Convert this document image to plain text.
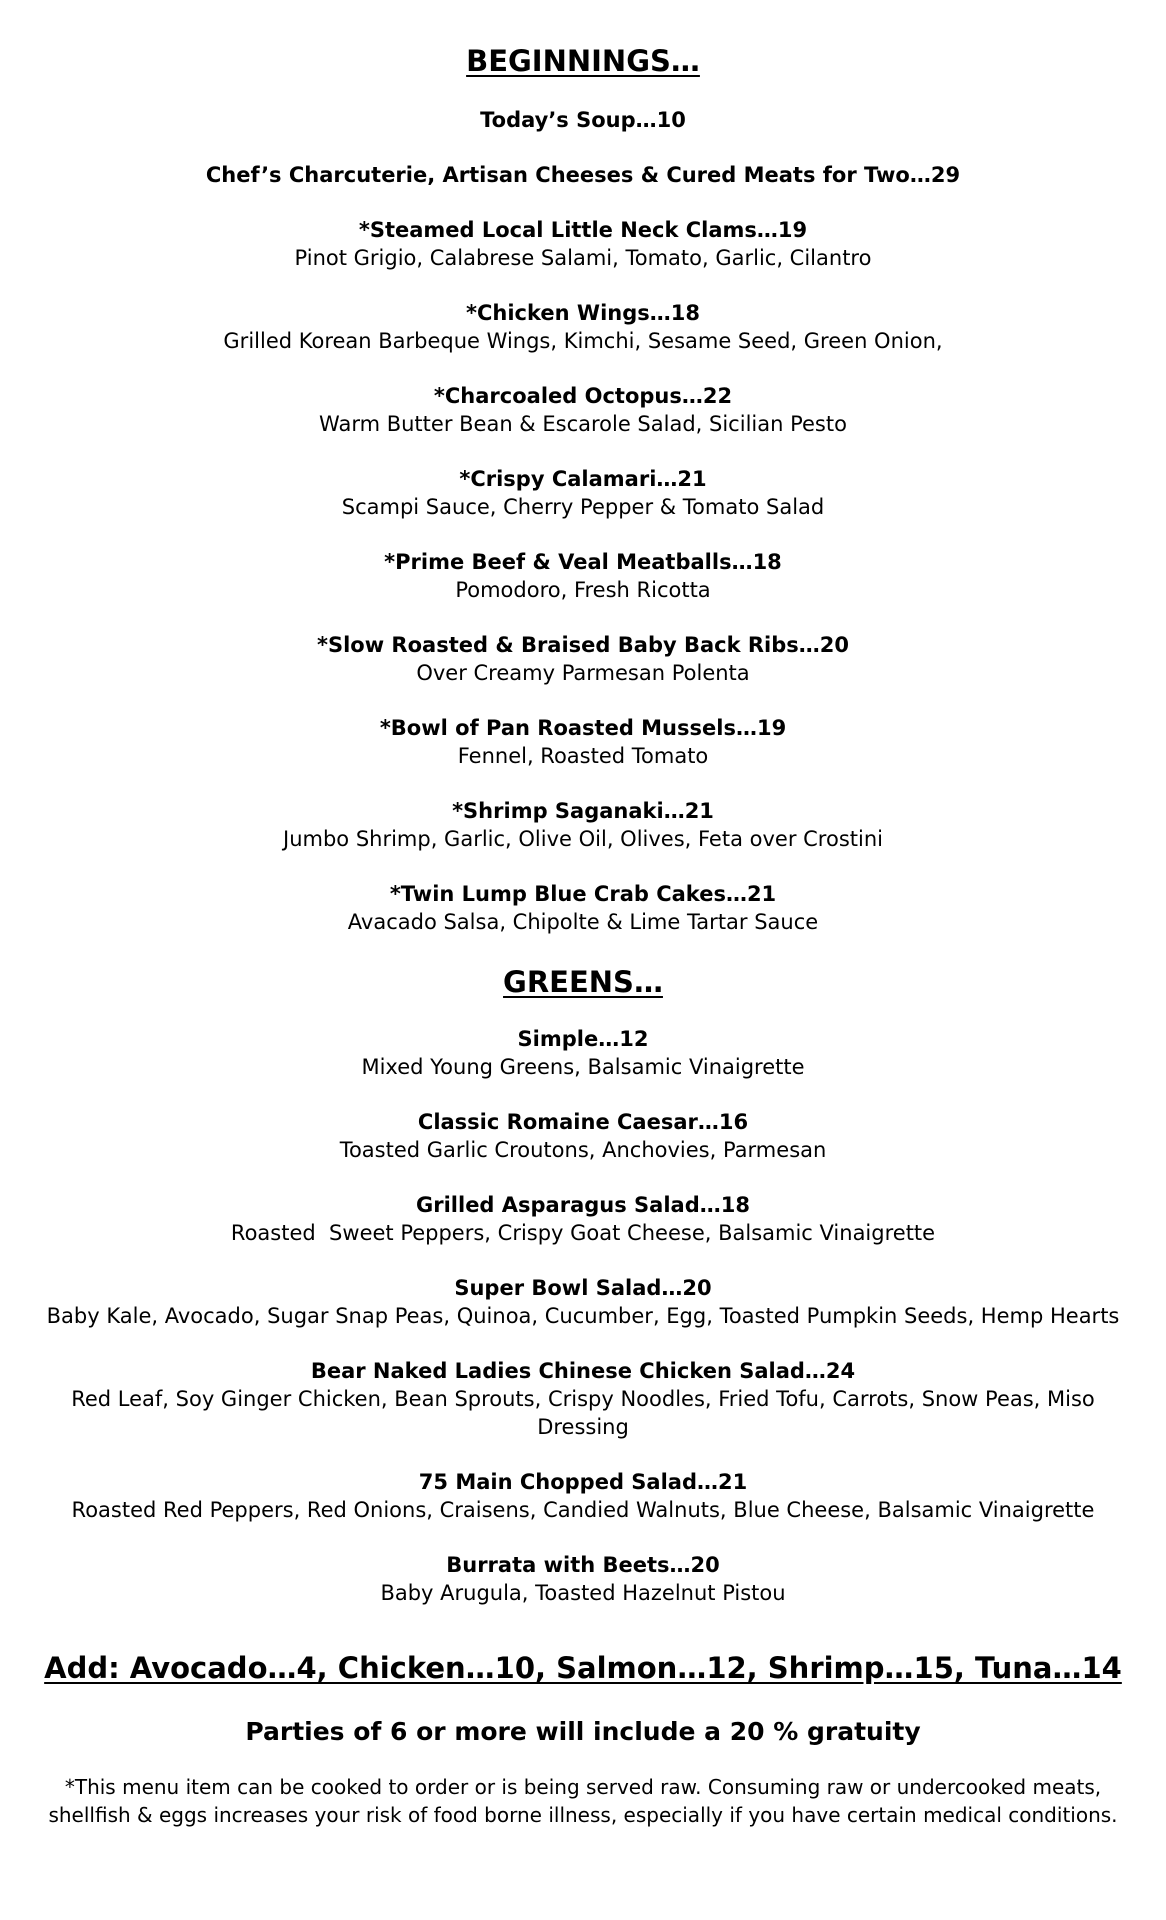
BEGINNINGS…
Today’s Soup…10
Chef’s Charcuterie, Artisan Cheeses & Cured Meats for Two…29
*Steamed Local Little Neck Clams…19
Pinot Grigio, Calabrese Salami, Tomato, Garlic, Cilantro
*Chicken Wings…18
Grilled Korean Barbeque Wings, Kimchi, Sesame Seed, Green Onion,
*Charcoaled Octopus…22
Warm Butter Bean & Escarole Salad, Sicilian Pesto
*Crispy Calamari…21
Scampi Sauce, Cherry Pepper & Tomato Salad
*Prime Beef & Veal Meatballs…18
Pomodoro, Fresh Ricotta
*Slow Roasted & Braised Baby Back Ribs…20
Over Creamy Parmesan Polenta
*Bowl of Pan Roasted Mussels…19
Fennel, Roasted Tomato
*Shrimp Saganaki…21
Jumbo Shrimp, Garlic, Olive Oil, Olives, Feta over Crostini
*Twin Lump Blue Crab Cakes…21
Avacado Salsa, Chipolte & Lime Tartar Sauce
GREENS…
Simple…12
Mixed Young Greens, Balsamic Vinaigrette
Classic Romaine Caesar…16
Toasted Garlic Croutons, Anchovies, Parmesan
Grilled Asparagus Salad…18
Roasted  Sweet Peppers, Crispy Goat Cheese, Balsamic Vinaigrette
Super Bowl Salad…20
Baby Kale, Avocado, Sugar Snap Peas, Quinoa, Cucumber, Egg, Toasted Pumpkin Seeds, Hemp Hearts
Bear Naked Ladies Chinese Chicken Salad…24
Red Leaf, Soy Ginger Chicken, Bean Sprouts, Crispy Noodles, Fried Tofu, Carrots, Snow Peas, Miso Dressing
75 Main Chopped Salad…21
Roasted Red Peppers, Red Onions, Craisens, Candied Walnuts, Blue Cheese, Balsamic Vinaigrette
Burrata with Beets…20
Baby Arugula, Toasted Hazelnut Pistou
Add: Avocado…4, Chicken…10, Salmon…12, Shrimp…15, Tuna…14
Parties of 6 or more will include a 20 % gratuity
*This menu item can be cooked to order or is being served raw. Consuming raw or undercooked meats, shellfish & eggs increases your risk of food borne illness, especially if you have certain medical conditions.
